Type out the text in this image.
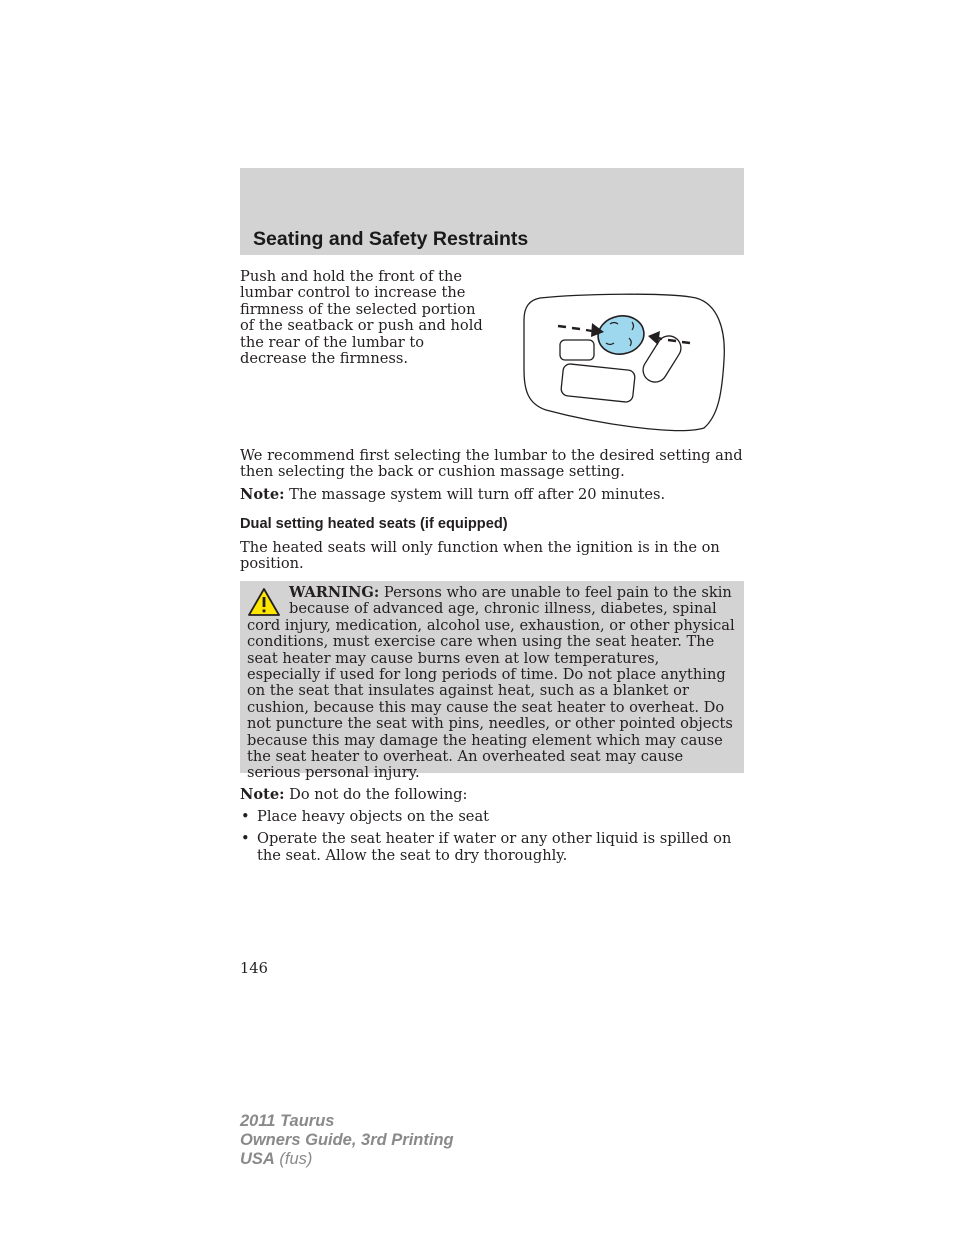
Seating and Safety Restraints

Push and hold the front of the lumbar control to increase the firmness of the selected portion of the seatback or push and hold the rear of the lumbar to decrease the firmness.

We recommend first selecting the lumbar to the desired setting and then selecting the back or cushion massage setting.

Note: The massage system will turn off after 20 minutes.

Dual setting heated seats (if equipped)

The heated seats will only function when the ignition is in the on position.

WARNING: Persons who are unable to feel pain to the skin because of advanced age, chronic illness, diabetes, spinal cord injury, medication, alcohol use, exhaustion, or other physical conditions, must exercise care when using the seat heater. The seat heater may cause burns even at low temperatures, especially if used for long periods of time. Do not place anything on the seat that insulates against heat, such as a blanket or cushion, because this may cause the seat heater to overheat. Do not puncture the seat with pins, needles, or other pointed objects because this may damage the heating element which may cause the seat heater to overheat. An overheated seat may cause serious personal injury.

Note: Do not do the following:

• Place heavy objects on the seat
• Operate the seat heater if water or any other liquid is spilled on the seat. Allow the seat to dry thoroughly.
146
2011 Taurus
Owners Guide, 3rd Printing
USA (fus)
